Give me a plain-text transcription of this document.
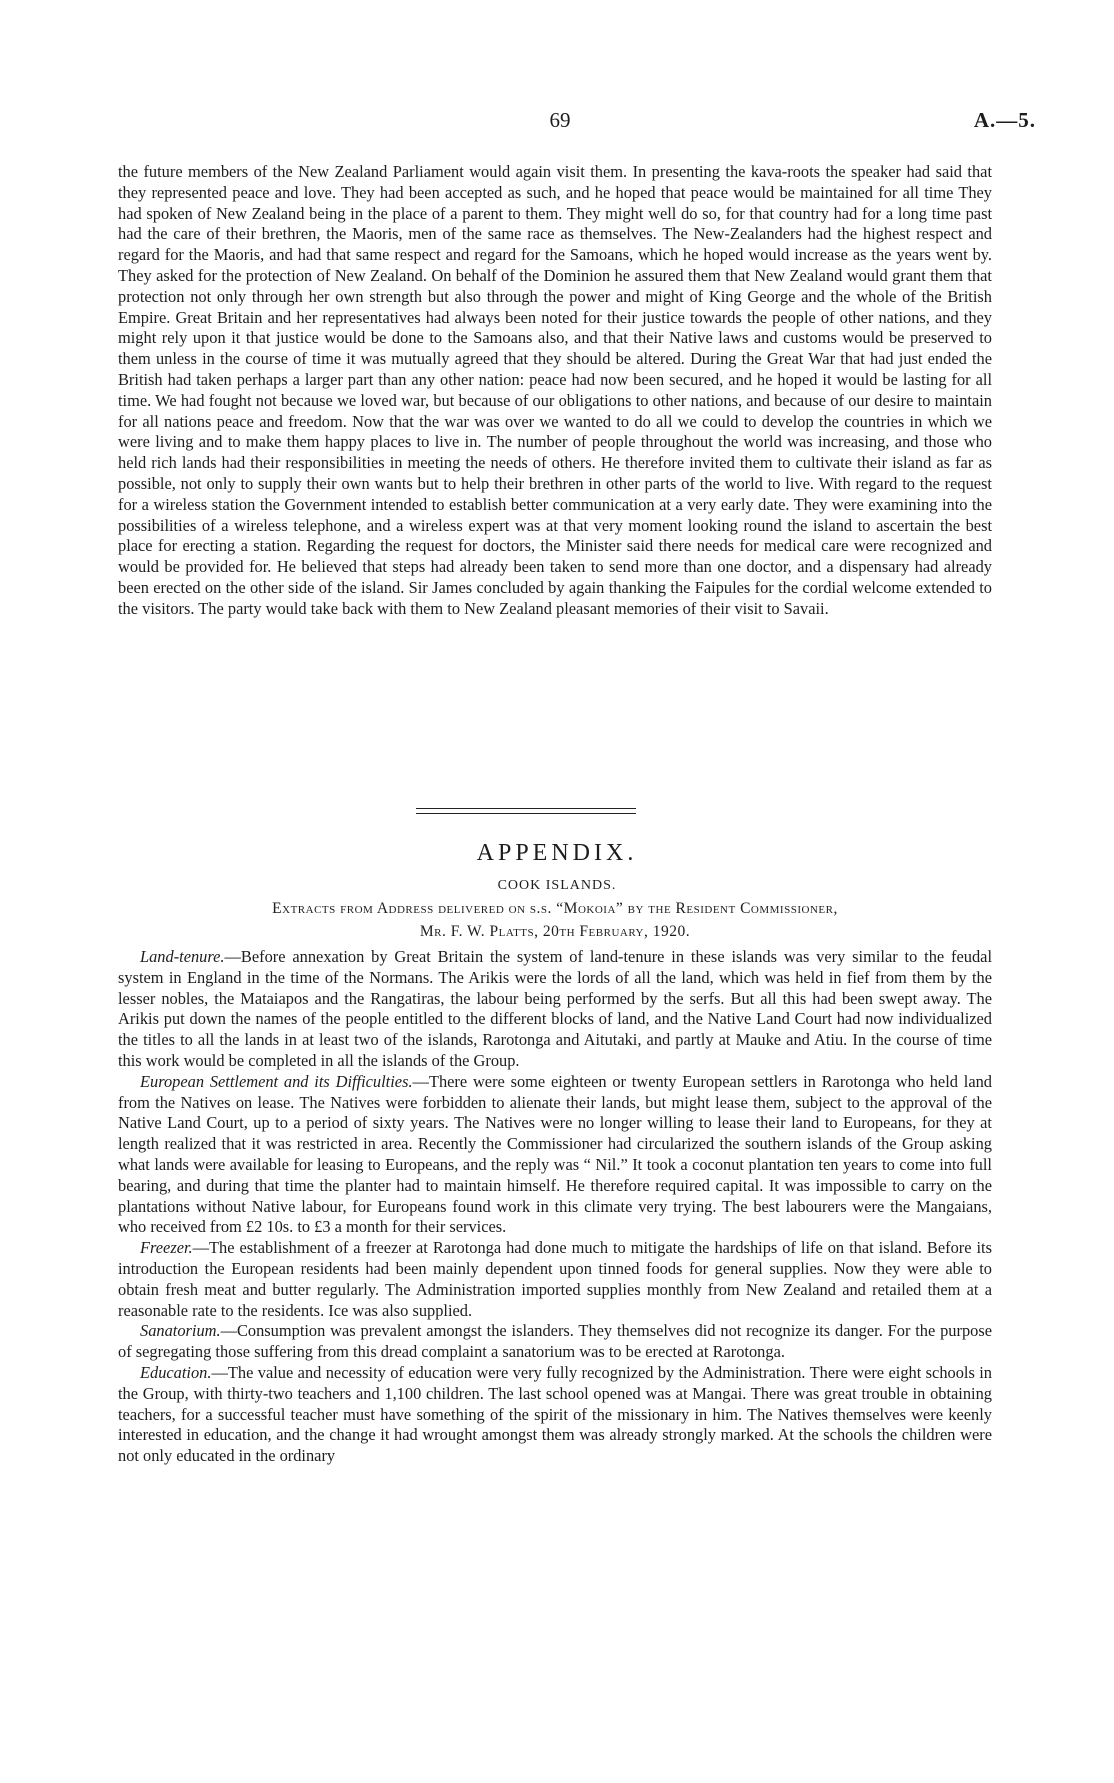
69	A.—5.

the future members of the New Zealand Parliament would again visit them. In presenting the kava-roots the speaker had said that they represented peace and love. They had been accepted as such, and he hoped that peace would be maintained for all time They had spoken of New Zealand being in the place of a parent to them. They might well do so, for that country had for a long time past had the care of their brethren, the Maoris, men of the same race as themselves. The New-Zealanders had the highest respect and regard for the Maoris, and had that same respect and regard for the Samoans, which he hoped would increase as the years went by. They asked for the protection of New Zealand. On behalf of the Dominion he assured them that New Zealand would grant them that protection not only through her own strength but also through the power and might of King George and the whole of the British Empire. Great Britain and her representatives had always been noted for their justice towards the people of other nations, and they might rely upon it that justice would be done to the Samoans also, and that their Native laws and customs would be preserved to them unless in the course of time it was mutually agreed that they should be altered. During the Great War that had just ended the British had taken perhaps a larger part than any other nation: peace had now been secured, and he hoped it would be lasting for all time. We had fought not because we loved war, but because of our obligations to other nations, and because of our desire to maintain for all nations peace and freedom. Now that the war was over we wanted to do all we could to develop the countries in which we were living and to make them happy places to live in. The number of people throughout the world was increasing, and those who held rich lands had their responsibilities in meeting the needs of others. He therefore invited them to cultivate their island as far as possible, not only to supply their own wants but to help their brethren in other parts of the world to live. With regard to the request for a wireless station the Government intended to establish better communication at a very early date. They were examining into the possibilities of a wireless telephone, and a wireless expert was at that very moment looking round the island to ascertain the best place for erecting a station. Regarding the request for doctors, the Minister said there needs for medical care were recognized and would be provided for. He believed that steps had already been taken to send more than one doctor, and a dispensary had already been erected on the other side of the island. Sir James concluded by again thanking the Faipules for the cordial welcome extended to the visitors. The party would take back with them to New Zealand pleasant memories of their visit to Savaii.

APPENDIX.
COOK ISLANDS.
Extracts from Address delivered on s.s. “Mokoia” by the Resident Commissioner,
Mr. F. W. Platts, 20th February, 1920.

Land-tenure.—Before annexation by Great Britain the system of land-tenure in these islands was very similar to the feudal system in England in the time of the Normans. The Arikis were the lords of all the land, which was held in fief from them by the lesser nobles, the Mataiapos and the Rangatiras, the labour being performed by the serfs. But all this had been swept away. The Arikis put down the names of the people entitled to the different blocks of land, and the Native Land Court had now individualized the titles to all the lands in at least two of the islands, Rarotonga and Aitutaki, and partly at Mauke and Atiu. In the course of time this work would be completed in all the islands of the Group.

European Settlement and its Difficulties.—There were some eighteen or twenty European settlers in Rarotonga who held land from the Natives on lease. The Natives were forbidden to alienate their lands, but might lease them, subject to the approval of the Native Land Court, up to a period of sixty years. The Natives were no longer willing to lease their land to Europeans, for they at length realized that it was restricted in area. Recently the Commissioner had circularized the southern islands of the Group asking what lands were available for leasing to Europeans, and the reply was “ Nil.” It took a coconut plantation ten years to come into full bearing, and during that time the planter had to maintain himself. He therefore required capital. It was impossible to carry on the plantations without Native labour, for Europeans found work in this climate very trying. The best labourers were the Mangaians, who received from £2 10s. to £3 a month for their services.

Freezer.—The establishment of a freezer at Rarotonga had done much to mitigate the hardships of life on that island. Before its introduction the European residents had been mainly dependent upon tinned foods for general supplies. Now they were able to obtain fresh meat and butter regularly. The Administration imported supplies monthly from New Zealand and retailed them at a reasonable rate to the residents. Ice was also supplied.

Sanatorium.—Consumption was prevalent amongst the islanders. They themselves did not recognize its danger. For the purpose of segregating those suffering from this dread complaint a sanatorium was to be erected at Rarotonga.

Education.—The value and necessity of education were very fully recognized by the Administration. There were eight schools in the Group, with thirty-two teachers and 1,100 children. The last school opened was at Mangai. There was great trouble in obtaining teachers, for a successful teacher must have something of the spirit of the missionary in him. The Natives themselves were keenly interested in education, and the change it had wrought amongst them was already strongly marked. At the schools the children were not only educated in the ordinary
